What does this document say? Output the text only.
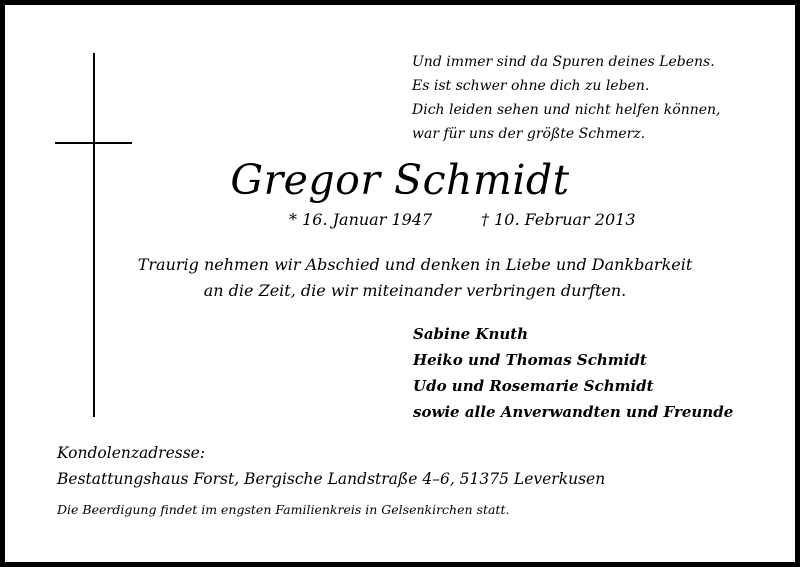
Und immer sind da Spuren deines Lebens.
Es ist schwer ohne dich zu leben.
Dich leiden sehen und nicht helfen können,
war für uns der größte Schmerz.
Gregor Schmidt
* 16. Januar 1947	† 10. Februar 2013
Traurig nehmen wir Abschied und denken in Liebe und Dankbarkeit
an die Zeit, die wir miteinander verbringen durften.
Sabine Knuth
Heiko und Thomas Schmidt
Udo und Rosemarie Schmidt
sowie alle Anverwandten und Freunde
Kondolenzadresse:
Bestattungshaus Forst, Bergische Landstraße 4–6, 51375 Leverkusen
Die Beerdigung findet im engsten Familienkreis in Gelsenkirchen statt.
